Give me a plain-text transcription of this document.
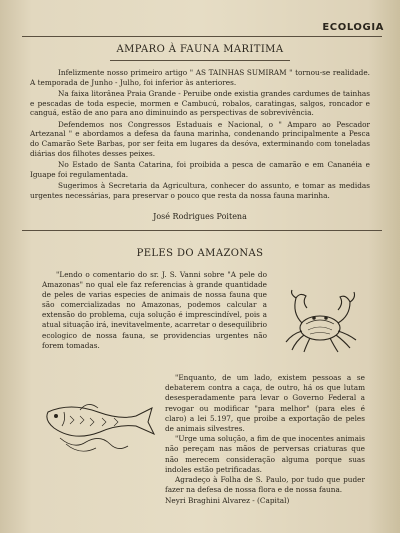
ECOLOGIA
AMPARO À FAUNA MARITIMA

Infelizmente nosso primeiro artigo " AS TAINHAS SUMIRAM " tornou-se realidade. A temporada de Junho - Julho, foi inferior às anteriores.

Na faixa litorânea Praia Grande - Peruibe onde existia grandes cardumes de tainhas e pescadas de toda especie, mormen e Cambucú, robalos, caratingas, salgos, roncador e canguá, estão de ano para ano diminuindo as perspectivas de sobrevivência.

Defendemos nos Congressos Estaduais e Nacional, o " Amparo ao Pescador Artezanal " e abordamos a defesa da fauna marinha, condenando principalmente a Pesca do Camarão Sete Barbas, por ser feita em lugares da desóva, exterminando com toneladas diárias dos filhotes desses peixes.

No Estado de Santa Catarina, foi proibida a pesca de camarão e em Cananéia e Iguape foi regulamentada.

Sugerimos à Secretaria da Agricultura, conhecer do assunto, e tomar as medidas urgentes necessárias, para preservar o pouco que resta da nossa fauna marinha.

José Rodrigues Poitena
PELES DO AMAZONAS

"Lendo o comentario do sr. J. S. Vanni sobre "A pele do Amazonas" no qual ele faz referencias à grande quantidade de peles de varias especies de animais de nossa fauna que são comercializadas no Amazonas, podemos calcular a extensão do problema, cuja solução é imprescindível, pois a atual situação irá, inevitavelmente, acarretar o desequilibrio ecologico de nossa fauna, se providencias urgentes não forem tomadas.

"Enquanto, de um lado, existem pessoas a se debaterem contra a caça, de outro, há os que lutam desesperadamente para levar o Governo Federal a revogar ou modificar "para melhor" (para eles é claro) a lei 5.197, que proibe a exportação de peles de animais silvestres.

"Urge uma solução, a fim de que inocentes animais não pereçam nas mãos de perversas criaturas que não merecem consideração alguma porque suas indoles estão petrificadas.

Agradeço à Folha de S. Paulo, por tudo que puder fazer na defesa de nossa flora e de nossa fauna.

Neyri Braghini Alvarez - (Capital)
